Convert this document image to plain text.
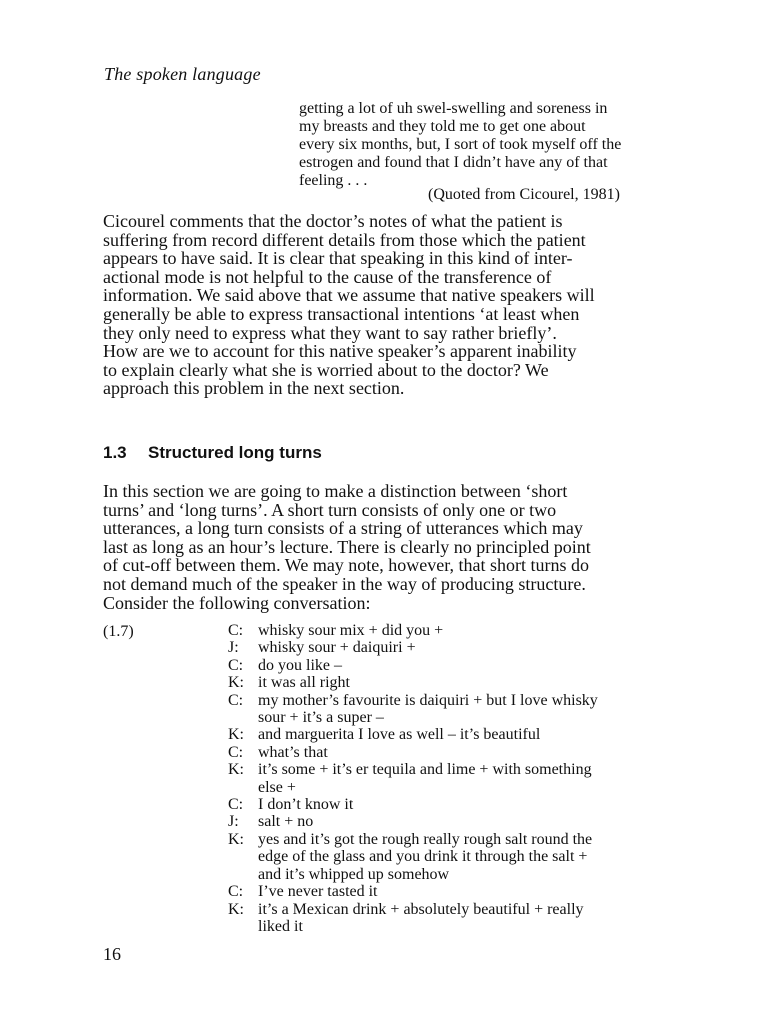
The spoken language
getting a lot of uh swel-swelling and soreness in
my breasts and they told me to get one about
every six months, but, I sort of took myself off the
estrogen and found that I didn’t have any of that
feeling . . .
(Quoted from Cicourel, 1981)
Cicourel comments that the doctor’s notes of what the patient is
suffering from record different details from those which the patient
appears to have said. It is clear that speaking in this kind of inter-
actional mode is not helpful to the cause of the transference of
information. We said above that we assume that native speakers will
generally be able to express transactional intentions ‘at least when
they only need to express what they want to say rather briefly’.
How are we to account for this native speaker’s apparent inability
to explain clearly what she is worried about to the doctor? We
approach this problem in the next section.
1.3 Structured long turns
In this section we are going to make a distinction between ‘short
turns’ and ‘long turns’. A short turn consists of only one or two
utterances, a long turn consists of a string of utterances which may
last as long as an hour’s lecture. There is clearly no principled point
of cut-off between them. We may note, however, that short turns do
not demand much of the speaker in the way of producing structure.
Consider the following conversation:
(1.7)	C: whisky sour mix + did you +
J: whisky sour + daiquiri +
C: do you like –
K: it was all right
C: my mother’s favourite is daiquiri + but I love whisky
sour + it’s a super –
K: and marguerita I love as well – it’s beautiful
C: what’s that
K: it’s some + it’s er tequila and lime + with something
else +
C: I don’t know it
J: salt + no
K: yes and it’s got the rough really rough salt round the
edge of the glass and you drink it through the salt +
and it’s whipped up somehow
C: I’ve never tasted it
K: it’s a Mexican drink + absolutely beautiful + really
liked it
16
